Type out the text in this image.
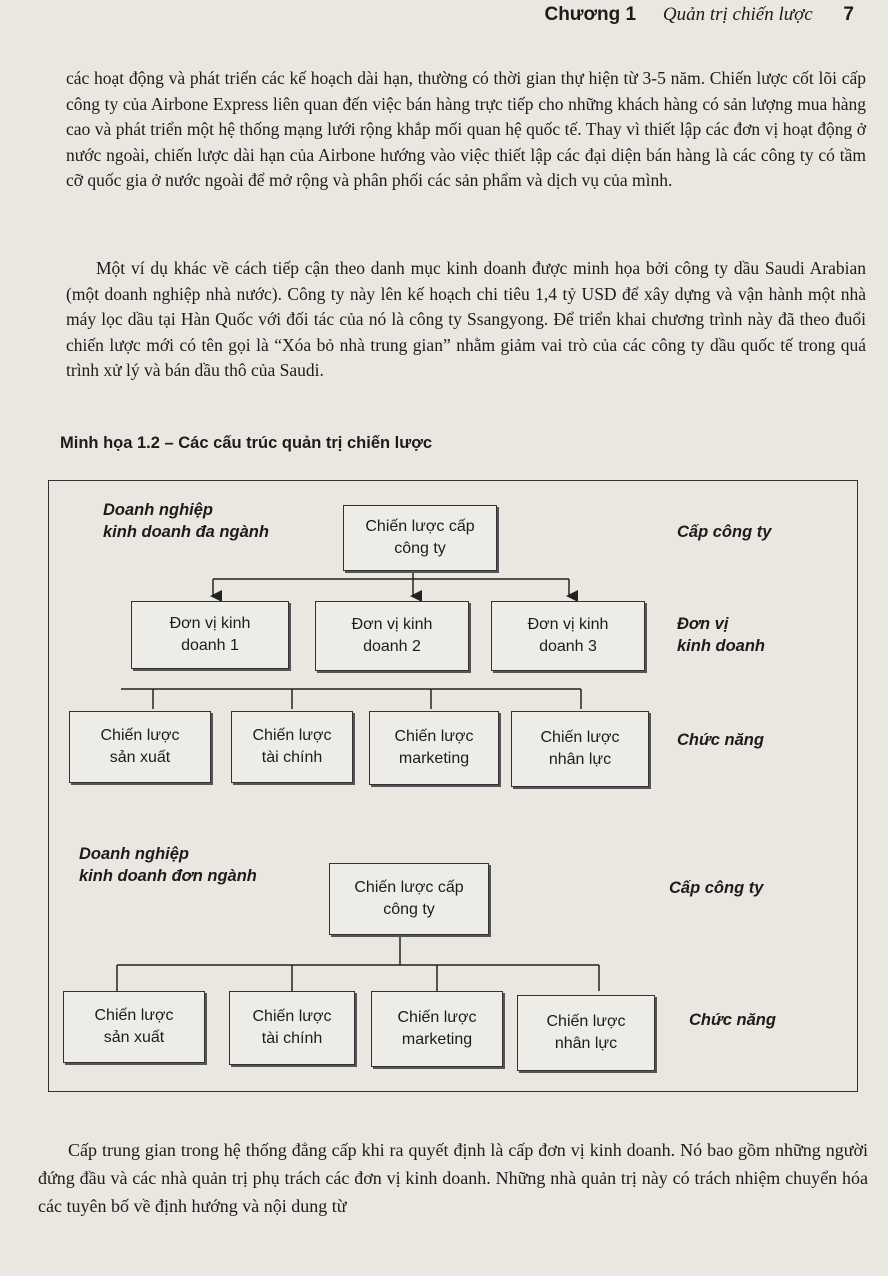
Chương 1 Quản trị chiến lược 7

các hoạt động và phát triển các kế hoạch dài hạn, thường có thời gian thự hiện từ 3-5 năm. Chiến lược cốt lõi cấp công ty của Airbone Express liên quan đến việc bán hàng trực tiếp cho những khách hàng có sản lượng mua hàng cao và phát triển một hệ thống mạng lưới rộng khắp mối quan hệ quốc tế. Thay vì thiết lập các đơn vị hoạt động ở nước ngoài, chiến lược dài hạn của Airbone hướng vào việc thiết lập các đại diện bán hàng là các công ty có tầm cỡ quốc gia ở nước ngoài để mở rộng và phân phối các sản phẩm và dịch vụ của mình.

Một ví dụ khác về cách tiếp cận theo danh mục kinh doanh được minh họa bởi công ty dầu Saudi Arabian (một doanh nghiệp nhà nước). Công ty này lên kế hoạch chi tiêu 1,4 tỷ USD để xây dựng và vận hành một nhà máy lọc dầu tại Hàn Quốc với đối tác của nó là công ty Ssangyong. Để triển khai chương trình này đã theo đuổi chiến lược mới có tên gọi là “Xóa bỏ nhà trung gian” nhằm giảm vai trò của các công ty dầu quốc tế trong quá trình xử lý và bán dầu thô của Saudi.

Minh họa 1.2 – Các cấu trúc quản trị chiến lược
Doanh nghiệp
kinh doanh đa ngành	Chiến lược cấp
công ty
Cấp công ty
Đơn vị kinh
doanh 1
Đơn vị kinh
doanh 2
Đơn vị kinh
doanh 3
Đơn vị
kinh doanh
Chiến lược
sản xuất
Chiến lược
tài chính
Chiến lược
marketing
Chiến lược
nhân lực
Chức năng
Doanh nghiệp
kinh doanh đơn ngành
Chiến lược cấp
công ty
Cấp công ty
Chiến lược
sản xuất
Chiến lược
tài chính
Chiến lược
marketing
Chiến lược
nhân lực
Chức năng

Cấp trung gian trong hệ thống đẳng cấp khi ra quyết định là cấp đơn vị kinh doanh. Nó bao gồm những người đứng đầu và các nhà quản trị phụ trách các đơn vị kinh doanh. Những nhà quản trị này có trách nhiệm chuyển hóa các tuyên bố về định hướng và nội dung từ
